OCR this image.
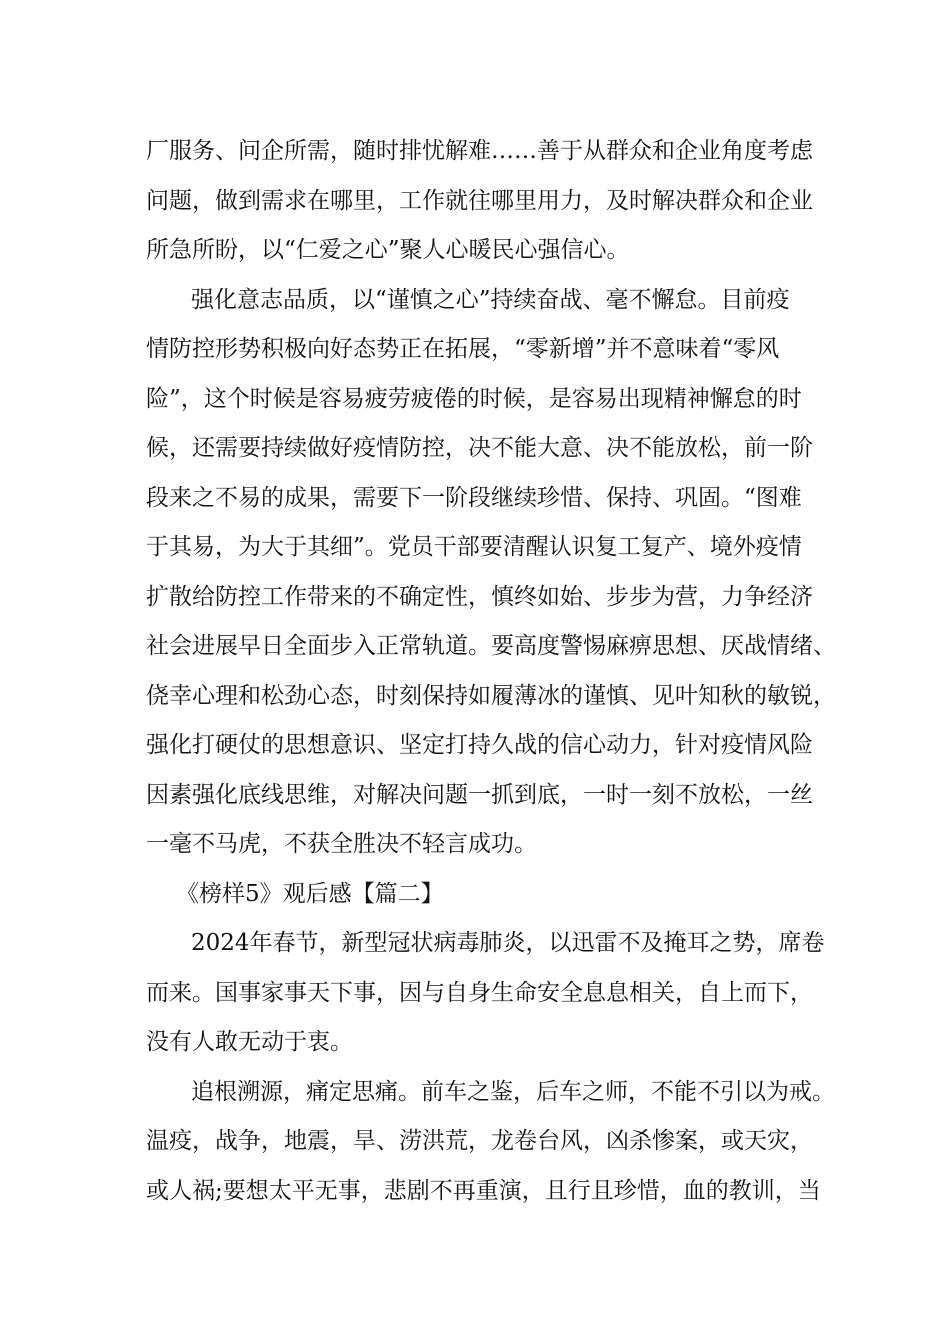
厂服务、问企所需，随时排忧解难……善于从群众和企业角度考虑
问题，做到需求在哪里，工作就往哪里用力，及时解决群众和企业
所急所盼，以“仁爱之心”聚人心暖民心强信心。
强化意志品质，以“谨慎之心”持续奋战、毫不懈怠。目前疫
情防控形势积极向好态势正在拓展，“零新增”并不意味着“零风
险”，这个时候是容易疲劳疲倦的时候，是容易出现精神懈怠的时
候，还需要持续做好疫情防控，决不能大意、决不能放松，前一阶
段来之不易的成果，需要下一阶段继续珍惜、保持、巩固。“图难
于其易，为大于其细”。党员干部要清醒认识复工复产、境外疫情
扩散给防控工作带来的不确定性，慎终如始、步步为营，力争经济
社会进展早日全面步入正常轨道。要高度警惕麻痹思想、厌战情绪、
侥幸心理和松劲心态，时刻保持如履薄冰的谨慎、见叶知秋的敏锐，
强化打硬仗的思想意识、坚定打持久战的信心动力，针对疫情风险
因素强化底线思维，对解决问题一抓到底，一时一刻不放松，一丝
一毫不马虎，不获全胜决不轻言成功。
《榜样5》观后感【篇二】
2024年春节，新型冠状病毒肺炎，以迅雷不及掩耳之势，席卷
而来。国事家事天下事，因与自身生命安全息息相关，自上而下，
没有人敢无动于衷。
追根溯源，痛定思痛。前车之鉴，后车之师，不能不引以为戒。
温疫，战争，地震，旱、涝洪荒，龙卷台风，凶杀惨案，或天灾，
或人祸;要想太平无事，悲剧不再重演，且行且珍惜，血的教训，当
